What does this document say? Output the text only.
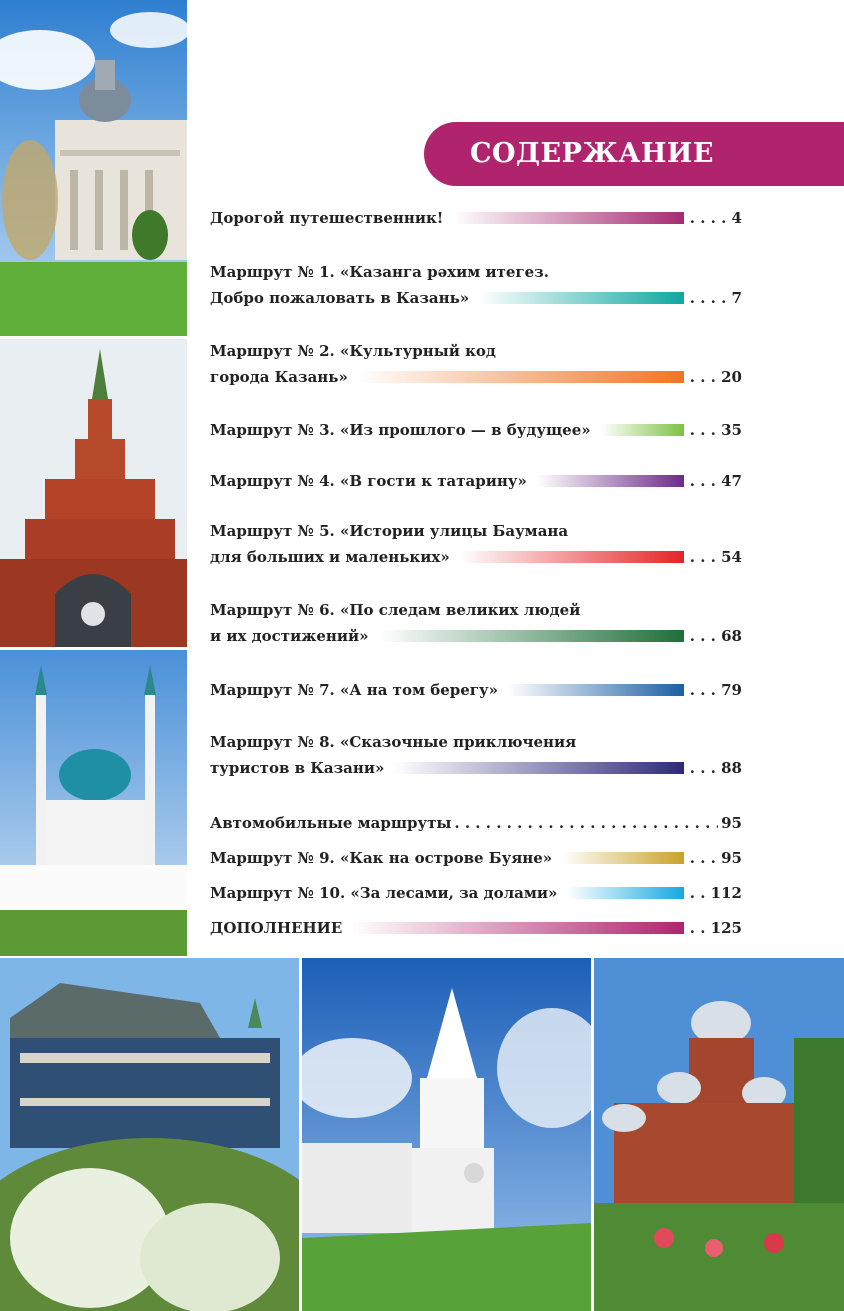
СОДЕРЖАНИЕ
Дорогой путешественник!	. . . . 4
Маршрут № 1. «Казанга рәхим итегез.
Добро пожаловать в Казань»	. . . . 7
Маршрут № 2. «Культурный код
города Казань»	. . . 20
Маршрут № 3. «Из прошлого — в будущее»	. . . 35
Маршрут № 4. «В гости к татарину»	. . . 47
Маршрут № 5. «Истории улицы Баумана
для больших и маленьких»	. . . 54
Маршрут № 6. «По следам великих людей
и их достижений»	. . . 68
Маршрут № 7. «А на том берегу»	. . . 79
Маршрут № 8. «Сказочные приключения
туристов в Казани»	. . . 88
Автомобильные маршруты . . .	95
Маршрут № 9. «Как на острове Буяне»	. . . 95
Маршрут № 10. «За лесами, за долами»	. . 112
ДОПОЛНЕНИЕ	. . 125
